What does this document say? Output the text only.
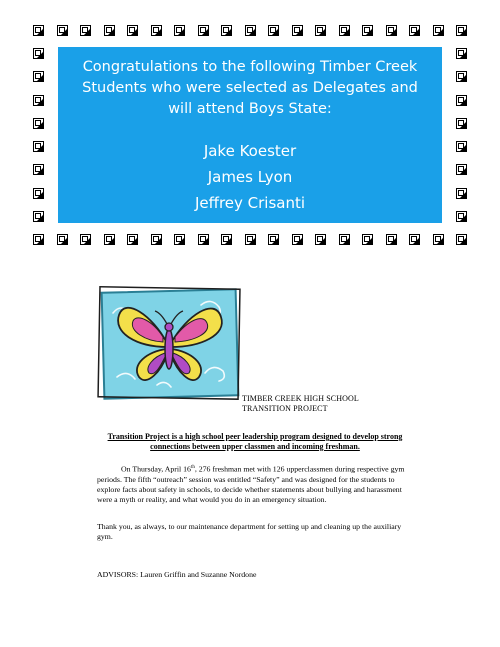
Congratulations to the following Timber Creek Students who were selected as Delegates and will attend Boys State:
Jake Koester
James Lyon
Jeffrey Crisanti
TIMBER CREEK HIGH SCHOOL
TRANSITION PROJECT
Transition Project is a high school peer leadership program designed to develop strong connections between upper classmen and incoming freshman.
On Thursday, April 16th, 276 freshman met with 126 upperclassmen during respective gym periods. The fifth “outreach” session was entitled “Safety” and was designed for the students to explore facts about safety in schools, to decide whether statements about bullying and harassment were a myth or reality, and what would you do in an emergency situation.
Thank you, as always, to our maintenance department for setting up and cleaning up the auxiliary gym.
ADVISORS: Lauren Griffin and Suzanne Nordone
